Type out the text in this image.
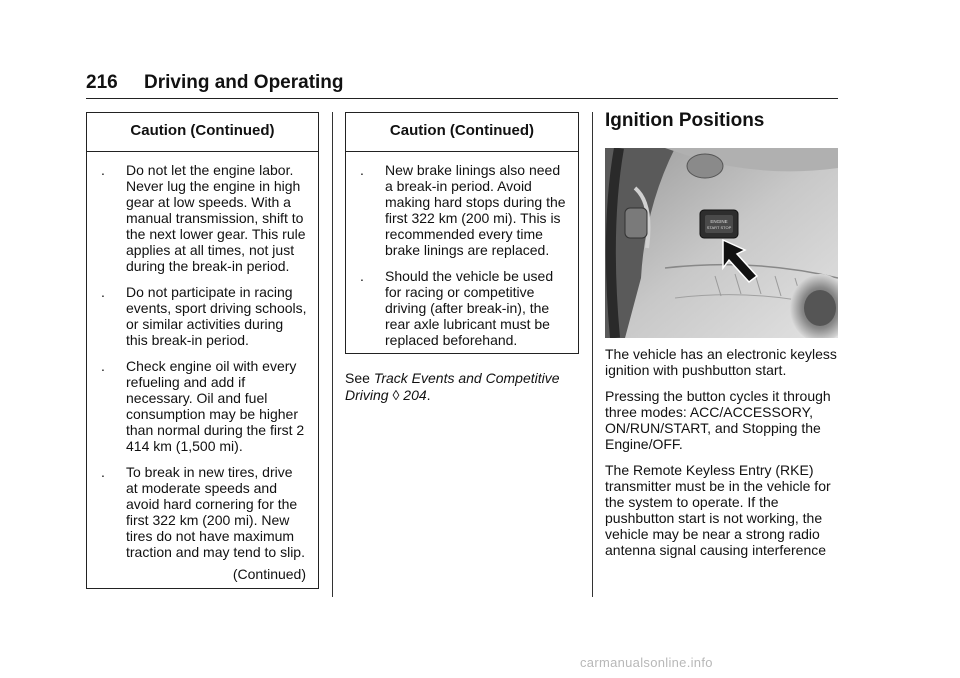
216 Driving and Operating
Caution (Continued)
.	Do not let the engine labor. Never lug the engine in high gear at low speeds. With a manual transmission, shift to the next lower gear. This rule applies at all times, not just during the break-in period.
.	Do not participate in racing events, sport driving schools, or similar activities during this break-in period.
.	Check engine oil with every refueling and add if necessary. Oil and fuel consumption may be higher than normal during the first 2 414 km (1,500 mi).
.	To break in new tires, drive at moderate speeds and avoid hard cornering for the first 322 km (200 mi). New tires do not have maximum traction and may tend to slip.
(Continued)
Caution (Continued)
.	New brake linings also need a break-in period. Avoid making hard stops during the first 322 km (200 mi). This is recommended every time brake linings are replaced.
.	Should the vehicle be used for racing or competitive driving (after break-in), the rear axle lubricant must be replaced beforehand.
See Track Events and Competitive Driving ◊ 204.
Ignition Positions
ENGINE
START STOP

The vehicle has an electronic keyless ignition with pushbutton start.

Pressing the button cycles it through three modes: ACC/ACCESSORY, ON/RUN/START, and Stopping the Engine/OFF.

The Remote Keyless Entry (RKE) transmitter must be in the vehicle for the system to operate. If the pushbutton start is not working, the vehicle may be near a strong radio antenna signal causing interference

carmanualsonline.info
